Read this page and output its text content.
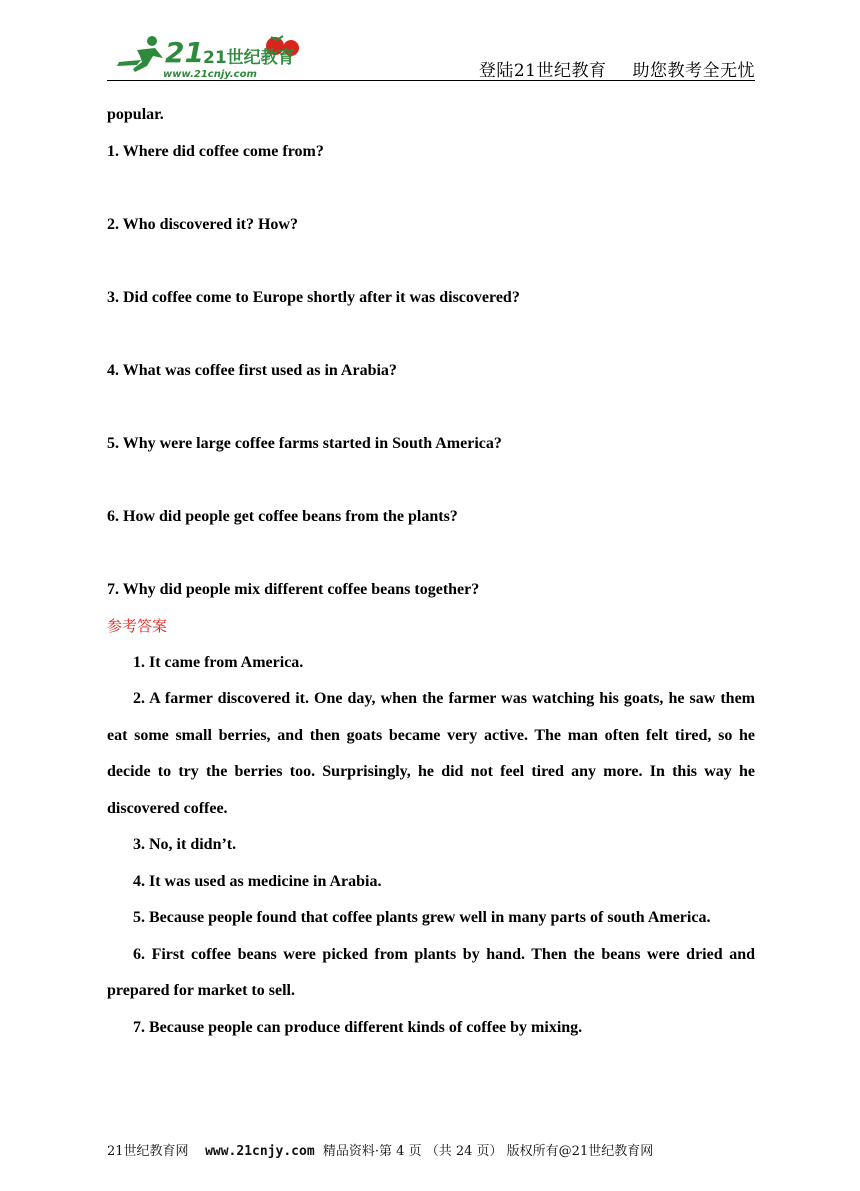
21 21世纪教育
www.21cnjy.com	登陆21世纪教育 助您教考全无忧

popular.

1. Where did coffee come from?

2. Who discovered it? How?

3. Did coffee come to Europe shortly after it was discovered?

4. What was coffee first used as in Arabia?

5. Why were large coffee farms started in South America?

6. How did people get coffee beans from the plants?

7. Why did people mix different coffee beans together?

参考答案

1. It came from America.

2. A farmer discovered it. One day, when the farmer was watching his goats, he saw them eat some small berries, and then goats became very active. The man often felt tired, so he decide to try the berries too. Surprisingly, he did not feel tired any more. In this way he discovered coffee.

3. No, it didn’t.

4. It was used as medicine in Arabia.

5. Because people found that coffee plants grew well in many parts of south America.

6. First coffee beans were picked from plants by hand. Then the beans were dried and prepared for market to sell.

7. Because people can produce different kinds of coffee by mixing.

21世纪教育网 www.21cnjy.com 精品资料·第 4 页 （共 24 页） 版权所有@21世纪教育网
